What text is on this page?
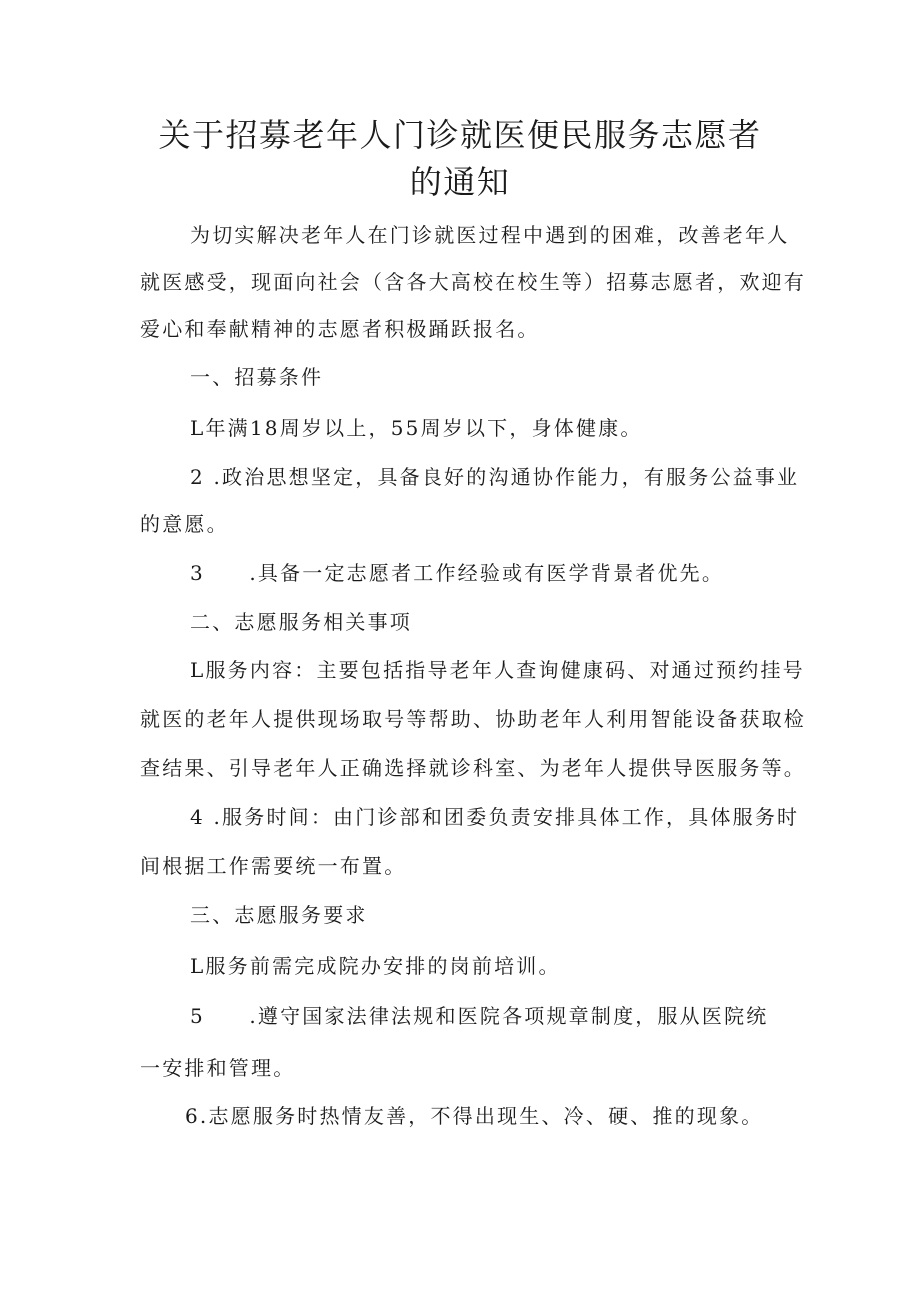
关于招募老年人门诊就医便民服务志愿者
的通知
为切实解决老年人在门诊就医过程中遇到的困难，改善老年人
就医感受，现面向社会（含各大高校在校生等）招募志愿者，欢迎有
爱心和奉献精神的志愿者积极踊跃报名。
一、招募条件
L年满18周岁以上，55周岁以下，身体健康。
2 .政治思想坚定，具备良好的沟通协作能力，有服务公益事业
的意愿。
3　　.具备一定志愿者工作经验或有医学背景者优先。
二、志愿服务相关事项
L服务内容：主要包括指导老年人查询健康码、对通过预约挂号
就医的老年人提供现场取号等帮助、协助老年人利用智能设备获取检
查结果、引导老年人正确选择就诊科室、为老年人提供导医服务等。
4 .服务时间：由门诊部和团委负责安排具体工作，具体服务时
间根据工作需要统一布置。
三、志愿服务要求
L服务前需完成院办安排的岗前培训。
5　　.遵守国家法律法规和医院各项规章制度，服从医院统
一安排和管理。
6.志愿服务时热情友善，不得出现生、冷、硬、推的现象。
